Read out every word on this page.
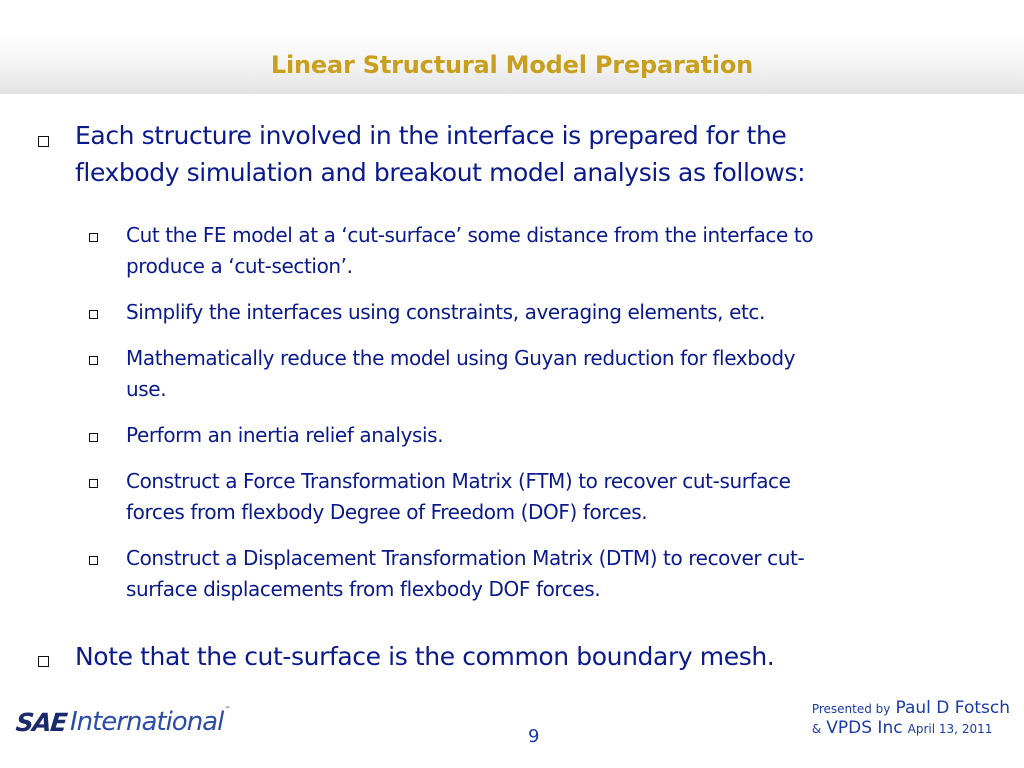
Linear Structural Model Preparation
Each structure involved in the interface is prepared for the
flexbody simulation and breakout model analysis as follows:
Cut the FE model at a ‘cut-surface’ some distance from the interface to
produce a ‘cut-section’.
Simplify the interfaces using constraints, averaging elements, etc.
Mathematically reduce the model using Guyan reduction for flexbody
use.
Perform an inertia relief analysis.
Construct a Force Transformation Matrix (FTM) to recover cut-surface
forces from flexbody Degree of Freedom (DOF) forces.
Construct a Displacement Transformation Matrix (DTM) to recover cut-
surface displacements from flexbody DOF forces.
Note that the cut-surface is the common boundary mesh.
SAE International ™
9
Presented by Paul D Fotsch
& VPDS Inc April 13, 2011
